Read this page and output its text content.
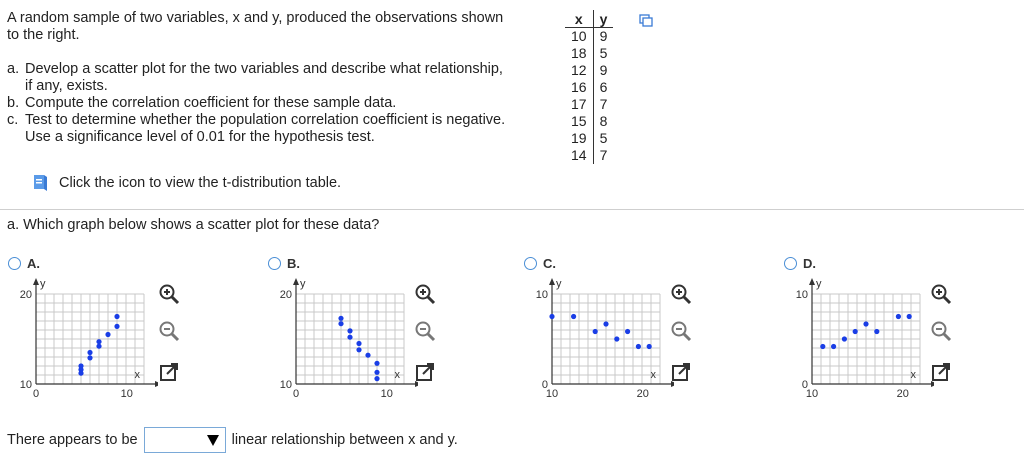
A random sample of two variables, x and y, produced the observations shown to the right.

a. Develop a scatter plot for the two variables and describe what relationship, if any, exists.
b. Compute the correlation coefficient for these sample data.
c. Test to determine whether the population correlation coefficient is negative. Use a significance level of 0.01 for the hypothesis test.
Click the icon to view the t-distribution table.
x	y
10	9
18	5
12	9
16	6
17	7
15	8
19	5
14	7
a. Which graph below shows a scatter plot for these data?
A.
y
x
20
10
0	10
B.
y
x
20
10
0	10
C.
y
x
10
0
10	20
D.
y
x
10
0
10	20
There appears to be	linear relationship between x and y.
